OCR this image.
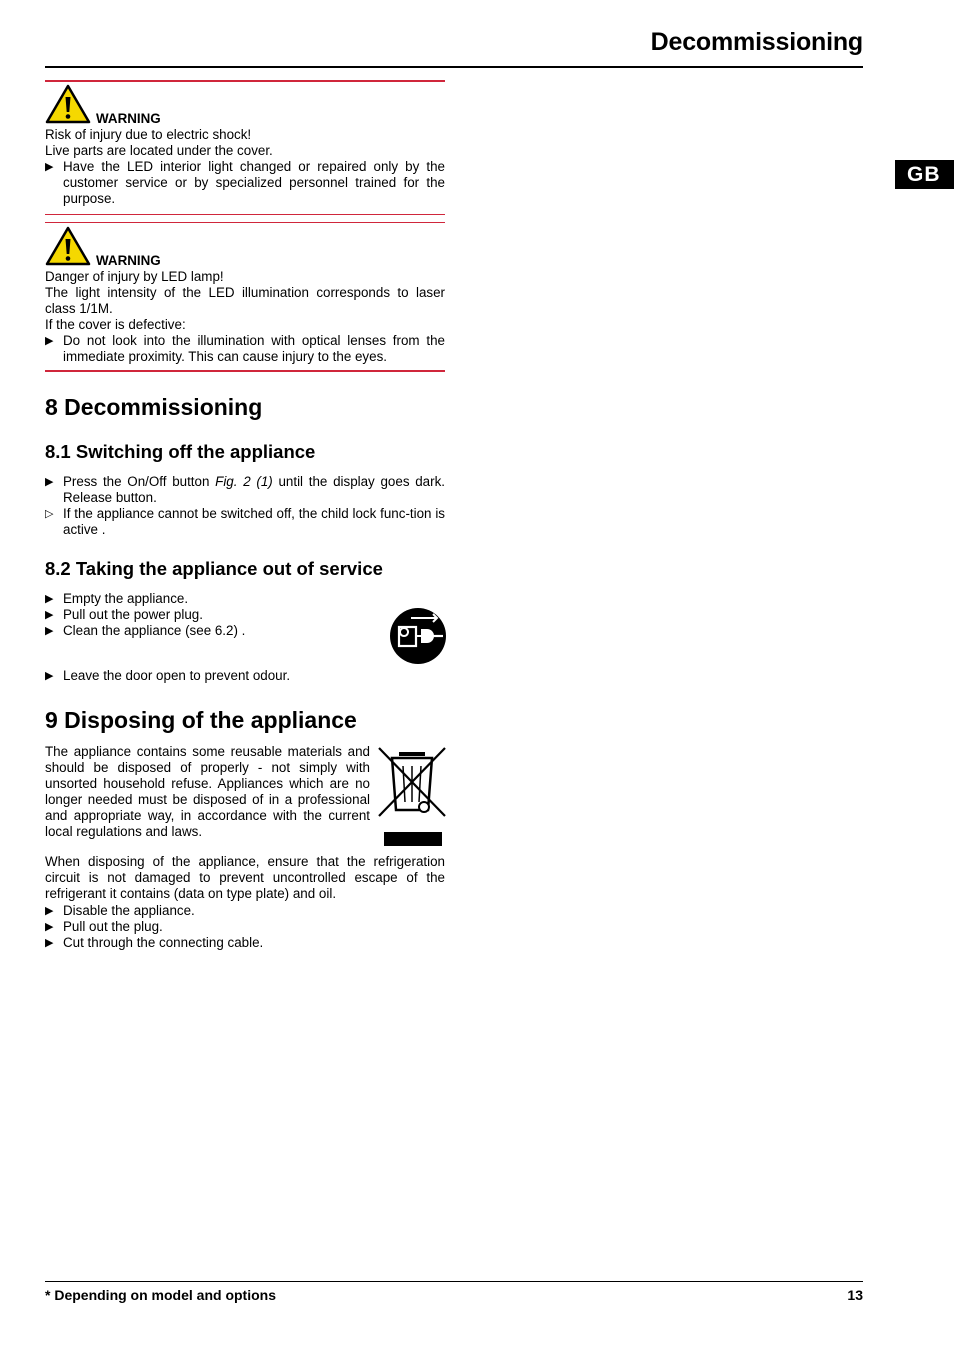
Decommissioning
GB
WARNING

Risk of injury due to electric shock!

Live parts are located under the cover.

▶ Have the LED interior light changed or repaired only by the customer service or by specialized personnel trained for the purpose.
WARNING

Danger of injury by LED lamp!

The light intensity of the LED illumination corresponds to laser class 1/1M.

If the cover is defective:

▶ Do not look into the illumination with optical lenses from the immediate proximity. This can cause injury to the eyes.
8 Decommissioning
8.1 Switching off the appliance
▶ Press the On/Off button Fig. 2 (1) until the display goes dark. Release button.
▷ If the appliance cannot be switched off, the child lock func-tion is active .
8.2 Taking the appliance out of service
▶ Empty the appliance.
▶ Pull out the power plug.
▶ Clean the appliance (see 6.2) .
▶ Leave the door open to prevent odour.
9 Disposing of the appliance
The appliance contains some reusable materials and should be disposed of properly - not simply with unsorted household refuse. Appliances which are no longer needed must be disposed of in a professional and appropriate way, in accordance with the current local regulations and laws.
When disposing of the appliance, ensure that the refrigeration circuit is not damaged to prevent uncontrolled escape of the refrigerant it contains (data on type plate) and oil.
▶ Disable the appliance.
▶ Pull out the plug.
▶ Cut through the connecting cable.
* Depending on model and options	13
